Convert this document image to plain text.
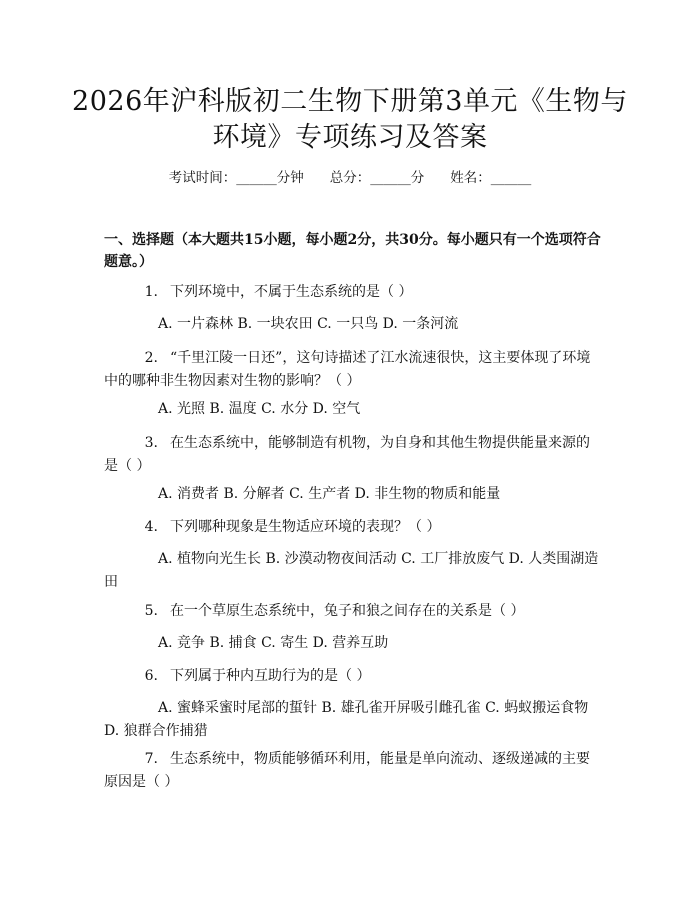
2026年沪科版初二生物下册第3单元《生物与环境》专项练习及答案
考试时间：______分钟 总分：______分 姓名：______
一、选择题（本大题共15小题，每小题2分，共30分。每小题只有一个选项符合题意。）
1. 下列环境中，不属于生态系统的是（ ）
A. 一片森林 B. 一块农田 C. 一只鸟 D. 一条河流
2. “千里江陵一日还”，这句诗描述了江水流速很快，这主要体现了环境中的哪种非生物因素对生物的影响？（ ）
A. 光照 B. 温度 C. 水分 D. 空气
3. 在生态系统中，能够制造有机物，为自身和其他生物提供能量来源的是（ ）
A. 消费者 B. 分解者 C. 生产者 D. 非生物的物质和能量
4. 下列哪种现象是生物适应环境的表现？（ ）
A. 植物向光生长 B. 沙漠动物夜间活动 C. 工厂排放废气 D. 人类围湖造田
5. 在一个草原生态系统中，兔子和狼之间存在的关系是（ ）
A. 竞争 B. 捕食 C. 寄生 D. 营养互助
6. 下列属于种内互助行为的是（ ）
A. 蜜蜂采蜜时尾部的蜇针 B. 雄孔雀开屏吸引雌孔雀 C. 蚂蚁搬运食物 D. 狼群合作捕猎
7. 生态系统中，物质能够循环利用，能量是单向流动、逐级递减的主要原因是（ ）
